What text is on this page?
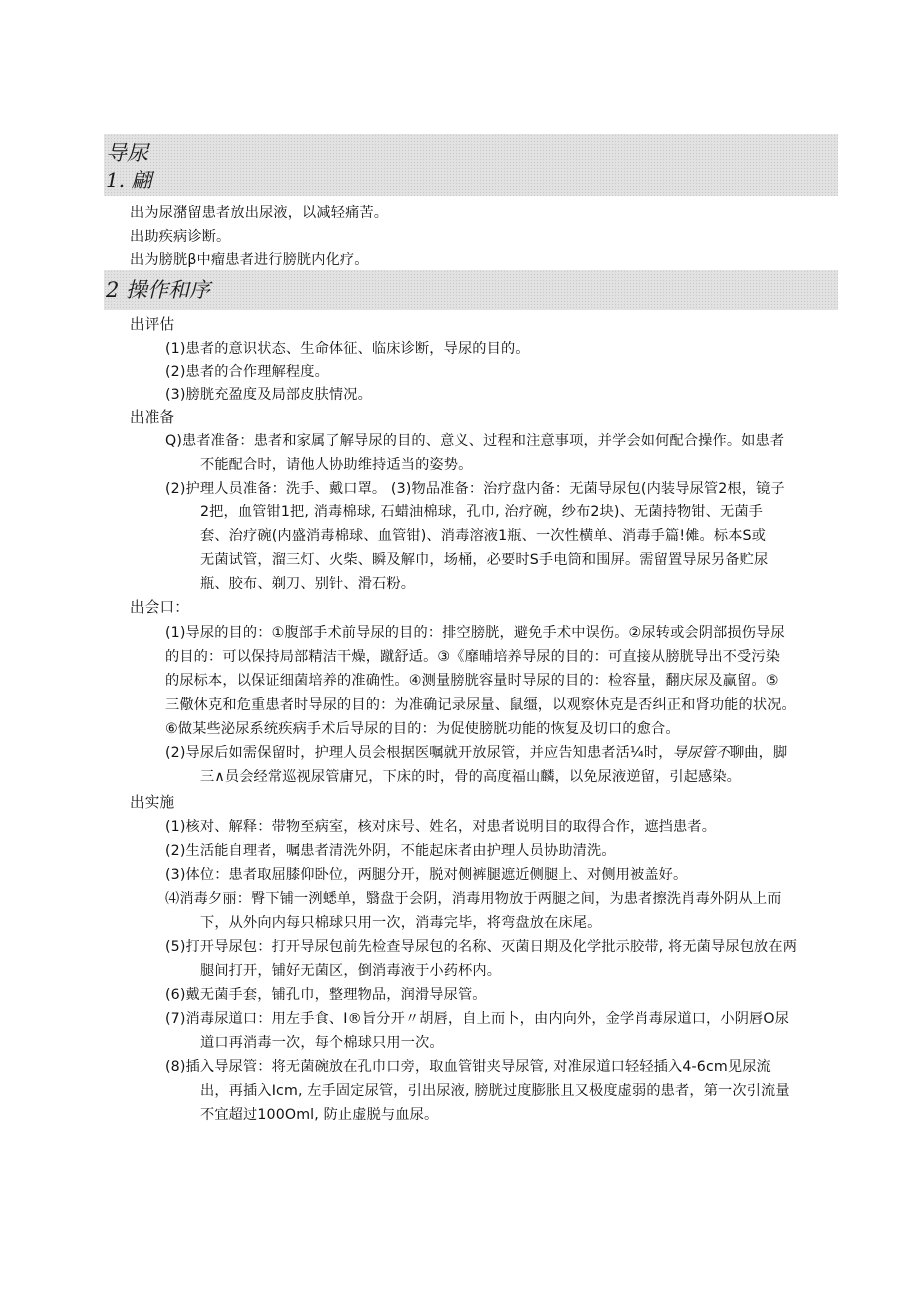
导尿
1. 翩
出为尿潴留患者放出尿液，以减轻痛苦。
出助疾病诊断。
出为膀胱β中瘤患者进行膀胱内化疗。
2 操作和序
出评估
(1)患者的意识状态、生命体征、临床诊断，导尿的目的。
(2)患者的合作理解程度。
(3)膀胱充盈度及局部皮肤情况。
出准备
Q)患者准备：患者和家属了解导尿的目的、意义、过程和注意事项，并学会如何配合操作。如患者
不能配合时，请他人协助维持适当的姿势。
(2)护理人员准备：洗手、戴口罩。 (3)物品准备：治疗盘内备：无菌导尿包(内装导尿管2根，镜子
2把，血管钳1把, 消毒棉球, 石蜡油棉球，孔巾, 治疗碗，纱布2块)、无菌持物钳、无菌手
套、治疗碗(内盛消毒棉球、血管钳)、消毒溶液1瓶、一次性横单、消毒手篇!傩。标本S或
无菌试管，溜三灯、火柴、瞬及解巾，场桶，必要时S手电筒和围屏。需留置导尿另备贮尿
瓶、胶布、剃刀、别针、滑石粉。
出会口：
(1)导尿的目的：①腹部手术前导尿的目的：排空膀胱，避免手术中误伤。②尿转或会阴部损伤导尿
的目的：可以保持局部精洁干燥，蹴舒适。③《靡晡培养导尿的目的：可直接从膀胱导出不受污染
的尿标本，以保证细菌培养的准确性。④测量膀胱容量时导尿的目的：检容量，翻庆尿及赢留。⑤
三儆休克和危重患者时导尿的目的：为准确记录尿量、鼠缰，以观察休克是否纠正和肾功能的状况。
⑥做某些泌尿系统疾病手术后导尿的目的：为促使膀胱功能的恢复及切口的愈合。
(2)导尿后如需保留时，护理人员会根据医嘱就开放尿管，并应告知患者活¼时，导尿管不聊曲，脚
三∧员会经常巡视尿管庸兄，下床的时，骨的高度福山麟，以免尿液逆留，引起感染。
出实施
(1)核对、解释：带物至病室，核对床号、姓名，对患者说明目的取得合作，遮挡患者。
(2)生活能自理者，嘱患者清洗外阴，不能起床者由护理人员协助清洗。
(3)体位：患者取屈膝仰卧位，两腿分开，脱对侧裤腿遮近侧腿上、对侧用被盖好。
⑷消毒夕丽：臀下铺一洌蟋单，翳盘于会阴，消毒用物放于两腿之间，为患者擦洗肖毒外阴从上而
下，从外向内每只棉球只用一次，消毒完毕，将弯盘放在床尾。
(5)打开导尿包：打开导尿包前先检查导尿包的名称、灭菌日期及化学批示胶带, 将无菌导尿包放在两
腿间打开，铺好无菌区，倒消毒液于小药杯内。
(6)戴无菌手套，铺孔巾，整理物品，润滑导尿管。
(7)消毒尿道口：用左手食、I®旨分开〃胡唇，自上而卜，由内向外，金学肖毒尿道口，小阴唇O尿
道口再消毒一次，每个棉球只用一次。
(8)插入导尿管：将无菌碗放在孔巾口旁，取血管钳夹导尿管, 对准尿道口轻轻插入4-6cm见尿流
出，再插入Icm, 左手固定尿管，引出尿液, 膀胱过度膨胀且又极度虚弱的患者，第一次引流量
不宜超过100Oml, 防止虚脱与血尿。
